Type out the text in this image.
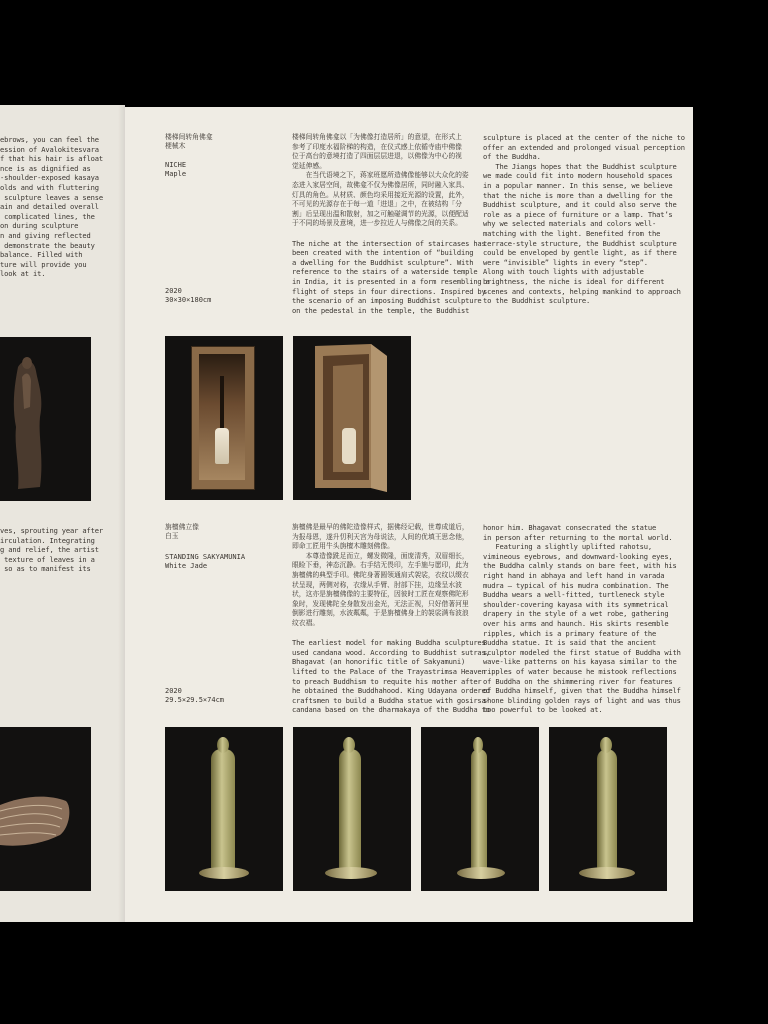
ebrows, you can feel the
ession of Avalokitesvara
f that his hair is afloat
nce is as dignified as
-shoulder-exposed kasaya
olds and with fluttering
sculpture leaves a sense
ain and detailed overall
complicated lines, the
on during sculpture
n and giving reflected
demonstrate the beauty
balance. Filled with
ture will provide you
look at it.
ves, sprouting year after
irculation. Integrating
g and relief, the artist
texture of leaves in a
so as to manifest its
楼梯间转角佛龛
梗械木
NICHE
Maple
2020
30×30×180cm
楼梯间转角佛龛以「为佛像打造居所」的意望，在形式上
参考了印度水福阶梯的构造，在仪式感上依循寺庙中佛像
位于高台的意境打造了四面层层进退，以佛像为中心的视
觉延伸感。
　　在当代语境之下，蒋家班愿所造佛像能够以大众化的姿
态进入家居空间，故佛龛不仅为佛像居所，同时融入家具、
灯具的角色。从材质、颜色均采用接近光源的设置，此外，
不可见的光源存在于每一道「进退」之中，在被结构「分
割」后呈现出温和散射，加之可触碰调节的光源，以便配适
于不同的场景及意境，进一步拉近人与佛像之间的关系。

The niche at the intersection of staircases has
been created with the intention of “building
a dwelling for the Buddhist sculpture”. With
reference to the stairs of a waterside temple
in India, it is presented in a form resembling a
flight of steps in four directions. Inspired by
the scenario of an imposing Buddhist sculpture
on the pedestal in the temple, the Buddhist
sculpture is placed at the center of the niche to
offer an extended and prolonged visual perception
of the Buddha.
The Jiangs hopes that the Buddhist sculpture
we made could fit into modern household spaces
in a popular manner. In this sense, we believe
that the niche is more than a dwelling for the
Buddhist sculpture, and it could also serve the
role as a piece of furniture or a lamp. That’s
why we selected materials and colors well-
matching with the light. Benefited from the
terrace-style structure, the Buddhist sculpture
could be enveloped by gentle light, as if there
were “invisible” lights in every “step”.
Along with touch lights with adjustable
brightness, the niche is ideal for different
scenes and contexts, helping mankind to approach
to the Buddhist sculpture.
旃檀佛立像
白玉
STANDING SAKYAMUNIA
White Jade
2020
29.5×29.5×74cm
旃檀佛是最早的佛陀造像样式，据佛经记载，世尊成道后，
为报母恩，遂升忉利天宫为母说法，人间的优填王思念他，
即命工匠用牛头旃檀木雕刻佛像。
　　本尊造像跣足而立，螺发微隆，面庞清秀，双眉细长，
眼睑下垂，神态沉静。右手结无畏印，左手施与愿印，此为
旃檀佛的典型手印。佛陀身著圆领通肩式袈裟，衣纹以缀衣
状呈现，两侧对称，衣缘从手臂、肘部下挂，边缘呈水波
状，这亦是旃檀佛像的主要特征，因彼时工匠在观察佛陀形
象时，发现佛陀全身散发出金光，无法正视，只好借著河里
倒影进行雕刻，水波粼粼，于是旃檀佛身上的袈裟满布波浪
纹衣褶。

The earliest model for making Buddha sculptures
used candana wood. According to Buddhist sutras,
Bhagavat (an honorific title of Sakyamuni)
lifted to the Palace of the Trayastrimsa Heaven
to preach Buddhism to requite his mother after
he obtained the Buddhahood. King Udayana ordered
craftsmen to build a Buddha statue with gosirsa-
candana based on the dharmakaya of the Buddha to
honor him. Bhagavat consecrated the statue
in person after returning to the mortal world.
Featuring a slightly uplifted rahotsu,
vimineous eyebrows, and downward-looking eyes,
the Buddha calmly stands on bare feet, with his
right hand in abhaya and left hand in varada
mudra — typical of his mudra combination. The
Buddha wears a well-fitted, turtleneck style
shoulder-covering kayasa with its symmetrical
drapery in the style of a wet robe, gathering
over his arms and haunch. His skirts resemble
ripples, which is a primary feature of the
Buddha statue. It is said that the ancient
sculptor modeled the first statue of Buddha with
wave-like patterns on his kayasa similar to the
ripples of water because he mistook reflections
of Buddha on the shimmering river for features
of Buddha himself, given that the Buddha himself
shone blinding golden rays of light and was thus
too powerful to be looked at.
